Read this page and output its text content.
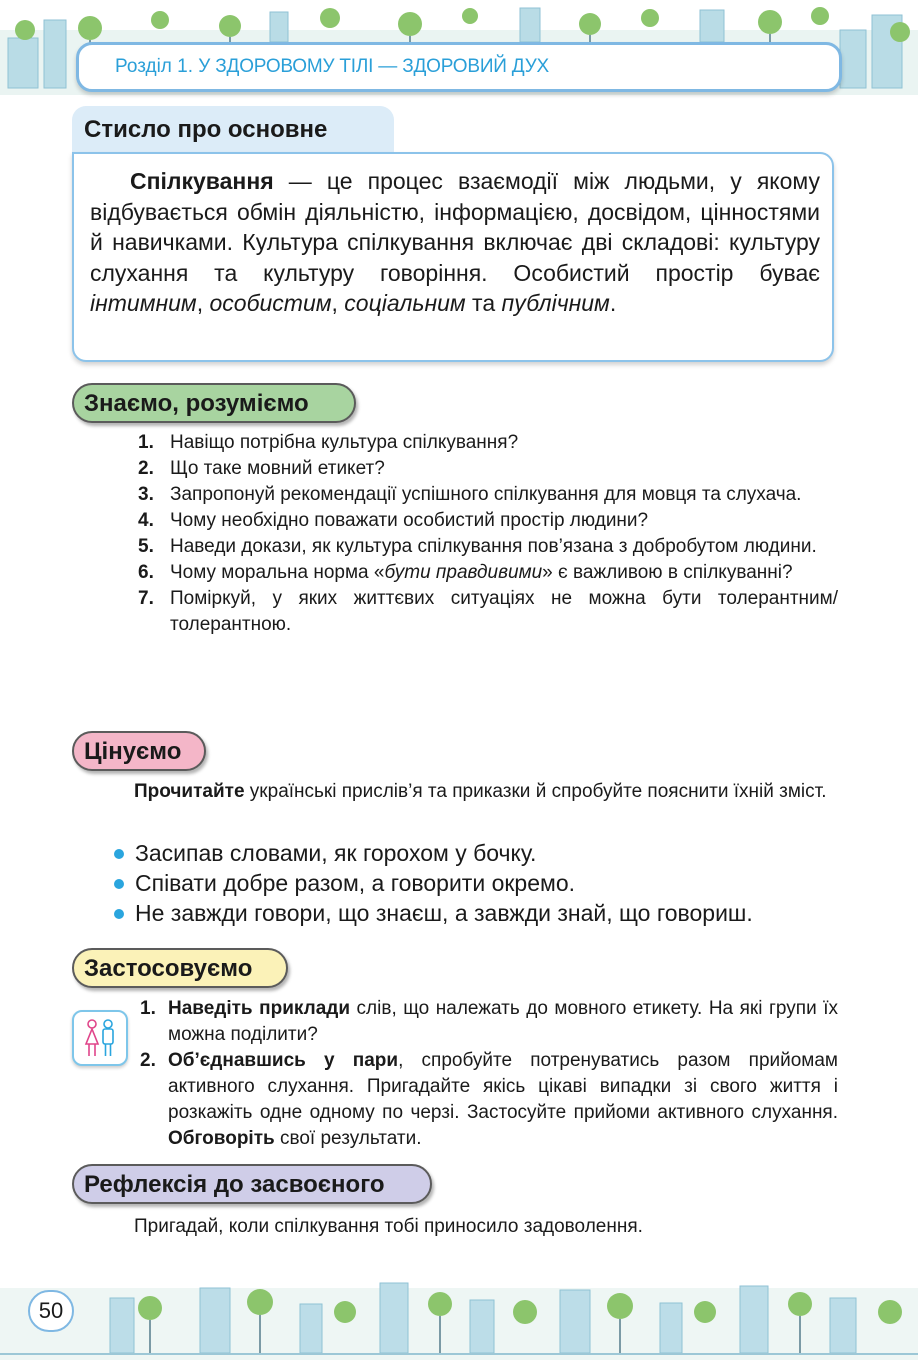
Розділ 1. У ЗДОРОВОМУ ТІЛІ — ЗДОРОВИЙ ДУХ
Стисло про основне
Спілкування — це процес взаємодії між людьми, у якому відбувається обмін діяльністю, інформацією, досвідом, цінностями й навичками. Культура спілкування включає дві складові: культуру слухання та культуру говоріння. Особистий простір буває інтимним, особистим, соціальним та публічним.
Знаємо, розуміємо
1. Навіщо потрібна культура спілкування?
2. Що таке мовний етикет?
3. Запропонуй рекомендації успішного спілкування для мовця та слухача.
4. Чому необхідно поважати особистий простір людини?
5. Наведи докази, як культура спілкування пов’язана з добробутом людини.
6. Чому моральна норма «бути правдивими» є важливою в спілкуванні?
7. Поміркуй, у яких життєвих ситуаціях не можна бути толерантним/толерантною.
Цінуємо
Прочитайте українські прислів’я та приказки й спробуйте пояснити їхній зміст.
Засипав словами, як горохом у бочку.
Співати добре разом, а говорити окремо.
Не завжди говори, що знаєш, а завжди знай, що говориш.
Застосовуємо
1. Наведіть приклади слів, що належать до мовного етикету. На які групи їх можна поділити?
2. Об’єднавшись у пари, спробуйте потренуватись разом прийомам активного слухання. Пригадайте якісь цікаві випадки зі свого життя і розкажіть одне одному по черзі. Застосуйте прийоми активного слухання. Обговоріть свої результати.
Рефлексія до засвоєного
Пригадай, коли спілкування тобі приносило задоволення.
50
